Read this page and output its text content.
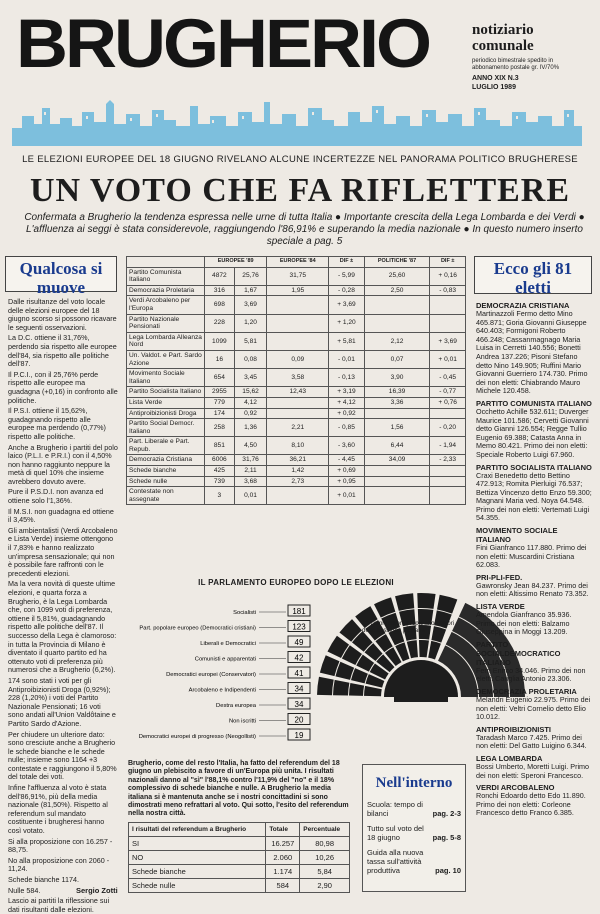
BRUGHERIO	notiziario
comunale
periodico bimestrale spedito in abbonamento postale gr. IV/70%
ANNO XIX N.3
LUGLIO 1989
LE ELEZIONI EUROPEE DEL 18 GIUGNO RIVELANO ALCUNE INCERTEZZE NEL PANORAMA POLITICO BRUGHERESE
UN VOTO CHE FA RIFLETTERE
Confermata a Brugherio la tendenza espressa nelle urne di tutta Italia ● Importante crescita della Lega Lombarda e dei Verdi ● L'affluenza ai seggi è stata considerevole, raggiungendo l'86,91% e superando la media nazionale ● In questo numero inserto speciale a pag. 5
Qualcosa si muove

Dalle risultanze del voto locale delle elezioni europee del 18 giugno scorso si possono ricavare le seguenti osservazioni.

La D.C. ottiene il 31,76%, perdendo sia rispetto alle europee dell'84, sia rispetto alle politiche dell'87.

Il P.C.I., con il 25,76% perde rispetto alle europee ma guadagna (+0,16) in confronto alle politiche.

Il P.S.I. ottiene il 15,62%, guadagnando rispetto alle europee ma perdendo (0,77%) rispetto alle politiche.

Anche a Brugherio i partiti del polo laico (P.L.I. e P.R.I.) con il 4,50% non hanno raggiunto neppure la metà di quel 10% che insieme avrebbero dovuto avere.

Pure il P.S.D.I. non avanza ed ottiene solo l'1,36%.

Il M.S.I. non guadagna ed ottiene il 3,45%.

Gli ambientalisti (Verdi Arcobaleno e Lista Verde) insieme ottengono il 7,83% e hanno realizzato un'impresa sensazionale; qui non è possibile fare raffronti con le precedenti elezioni.

Ma la vera novità di queste ultime elezioni, e quarta forza a Brugherio, è la Lega Lombarda che, con 1099 voti di preferenza, ottiene il 5,81%, guadagnando rispetto alle politiche dell'87. Il successo della Lega è clamoroso: in tutta la Provincia di Milano è diventato il quarto partito ed ha ottenuto voti di preferenza più numerosi che a Brugherio (6,2%).

174 sono stati i voti per gli Antiproibizionisti Droga (0,92%); 228 (1,20%) i voti del Partito Nazionale Pensionati; 16 voti sono andati all'Union Valdôtaine e Partito Sardo d'Azione.

Per chiudere un ulteriore dato: sono cresciute anche a Brugherio le schede bianche e le schede nulle; insieme sono 1164 +3 contestate e raggiungono il 5,80% del totale dei voti.

Infine l'affluenza al voto è stata dell'86,91%, più della media nazionale (81,50%). Rispetto al referendum sul mandato costituente i brugheresi hanno così votato.

Si alla proposizione con 16.257 - 88,75.

No alla proposizione con 2060 - 11,24.

Schede bianche 1174.

Nulle 584.

Lascio ai partiti la riflessione sui dati risultanti dalle elezioni.

Sergio Zotti
	EUROPEE '89		EUROPEE '84	DIF ±	POLITICHE '87	DIF ±
Partito Comunista Italiano	4872	25,76	31,75	- 5,99	25,60	+ 0,16
Democrazia Proletaria	316	1,67	1,95	- 0,28	2,50	- 0,83
Verdi Arcobaleno per l'Europa	698	3,69		+ 3,69		
Partito Nazionale Pensionati	228	1,20		+ 1,20		
Lega Lombarda Alleanza Nord	1099	5,81		+ 5,81	2,12	+ 3,69
Un. Valdot. e Part. Sardo Azione	16	0,08	0,09	- 0,01	0,07	+ 0,01
Movimento Sociale Italiano	654	3,45	3,58	- 0,13	3,90	- 0,45
Partito Socialista Italiano	2955	15,62	12,43	+ 3,19	16,39	- 0,77
Lista Verde	779	4,12		+ 4,12	3,36	+ 0,76
Antiproibizionisti Droga	174	0,92		+ 0,92		
Partito Social Democr. Italiano	258	1,36	2,21	- 0,85	1,56	- 0,20
Part. Liberale e Part. Repub.	851	4,50	8,10	- 3,60	6,44	- 1,94
Democrazia Cristiana	6006	31,76	36,21	- 4,45	34,09	- 2,33
Schede bianche	425	2,11	1,42	+ 0,69		
Schede nulle	739	3,68	2,73	+ 0,95		
Contestate non assegnate	3	0,01		+ 0,01		
IL PARLAMENTO EUROPEO DOPO LE ELEZIONI
Socialisti	181
Part. popolare europeo (Democratici cristiani)	123
Liberali e Democratici	49
Comunisti e apparentati	42
Democratici europei (Conservatori)	41
Arcobaleno e Indipendenti	34
Destra europea	34
Non iscritti	20
Democratici europei di progresso (Neogollisti)	19
18 commissioni preparano i lavori della sessione plenaria
Brugherio, come del resto l'Italia, ha fatto del referendum del 18 giugno un plebiscito a favore di un'Europa più unita. I risultati nazionali danno al "sì" l'88,1% contro l'11,9% del "no" e il 18% complessivo di schede bianche e nulle. A Brugherio la media italiana si è mantenuta anche se i nostri concittadini si sono dimostrati meno refrattari al voto. Qui sotto, l'esito del referendum nella nostra città.
I risultati del referendum a Brugherio	Totale	Percentuale
SI	16.257	80,98
NO	2.060	10,26
Schede bianche	1.174	5,84
Schede nulle	584	2,90
Nell'interno
Scuola: tempo di bilanci	pag. 2-3
Tutto sul voto del 18 giugno	pag. 5-8
Guida alla nuova tassa sull'attività produttiva	pag. 10
Ecco gli 81 eletti
DEMOCRAZIA CRISTIANA

Martinazzoli Fermo detto Mino 465.871; Goria Giovanni Giuseppe 640.403; Formigoni Roberto 466.248; Cassanmagnago Maria Luisa in Cerretti 140.556; Bonetti Andrea 137.226; Pisoni Stefano detto Nino 149.905; Ruffini Mario Giovanni Guerriero 174.730. Primo dei non eletti: Chiabrando Mauro Michele 120.458.

PARTITO COMUNISTA ITALIANO

Occhetto Achille 532.611; Duverger Maurice 101.586; Cervetti Giovanni detto Gianni 126.554; Regge Tullio Eugenio 69.388; Catasta Anna in Memo 80.421. Primo dei non eletti: Speciale Roberto Luigi 67.960.

PARTITO SOCIALISTA ITALIANO

Craxi Benedetto detto Bettino 472.913; Romita Pierluigi 76.537; Bettiza Vincenzo detto Enzo 59.300; Magnani Maria ved. Noya 64.548. Primo dei non eletti: Vertemati Luigi 54.355.

MOVIMENTO SOCIALE ITALIANO

Fini Gianfranco 117.880. Primo dei non eletti: Muscardini Cristiana 62.083.

PRI-PLI-FED.

Gawronsky Jean 84.237. Primo dei non eletti: Altissimo Renato 73.352.

LISTA VERDE

Amendola Gianfranco 35.936. Primo dei non eletti: Balzamo Giuseppina in Moggi 13.209.

PARTITO SOCIALDEMOCRATICO ITALIANO

Ferri Enrico 34.046. Primo dei non eletti: Cariglia Antonio 23.306.

DEMOCRAZIA PROLETARIA

Melandri Eugenio 22.975. Primo dei non eletti: Veltri Cornelio detto Elio 10.012.

ANTIPROIBIZIONISTI

Taradash Marco 7.425. Primo dei non eletti: Del Gatto Luigino 6.344.

LEGA LOMBARDA

Bossi Umberto, Moretti Luigi. Primo dei non eletti: Speroni Francesco.

VERDI ARCOBALENO

Ronchi Edoardo detto Edo 11.890. Primo dei non eletti: Corleone Francesco detto Franco 6.385.
